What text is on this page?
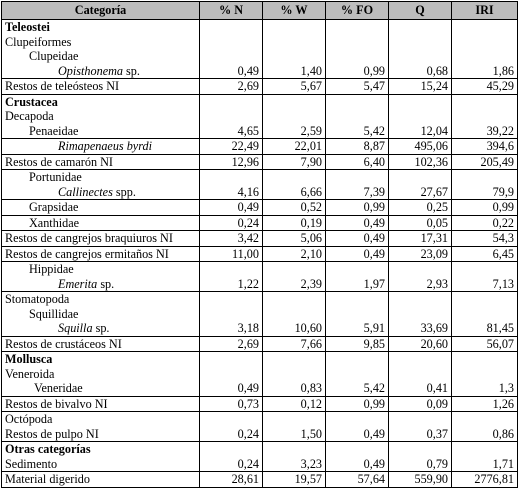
Categoría	% N	% W	% FO	Q	IRI

Teleostei
Clupeiformes
Clupeidae
Opisthonema sp.	0,49	1,40	0,99	0,68	1,86

Restos de teleósteos NI	2,69	5,67	5,47	15,24	45,29

Crustacea
Decapoda
Penaeidae	4,65	2,59	5,42	12,04	39,22

Rimapenaeus byrdi	22,49	22,01	8,87	495,06	394,6

Restos de camarón NI	12,96	7,90	6,40	102,36	205,49

Portunidae
Callinectes spp.	4,16	6,66	7,39	27,67	79,9

Grapsidae	0,49	0,52	0,99	0,25	0,99

Xanthidae	0,24	0,19	0,49	0,05	0,22

Restos de cangrejos braquiuros NI	3,42	5,06	0,49	17,31	54,3

Restos de cangrejos ermitaños NI	11,00	2,10	0,49	23,09	6,45

Hippidae
Emerita sp.	1,22	2,39	1,97	2,93	7,13

Stomatopoda
Squillidae
Squilla sp.	3,18	10,60	5,91	33,69	81,45

Restos de crustáceos NI	2,69	7,66	9,85	20,60	56,07

Mollusca
Veneroida
Veneridae	0,49	0,83	5,42	0,41	1,3

Restos de bivalvo NI	0,73	0,12	0,99	0,09	1,26

Octópoda
Restos de pulpo NI	0,24	1,50	0,49	0,37	0,86

Otras categorías
Sedimento	0,24	3,23	0,49	0,79	1,71

Material digerido	28,61	19,57	57,64	559,90	2776,81
